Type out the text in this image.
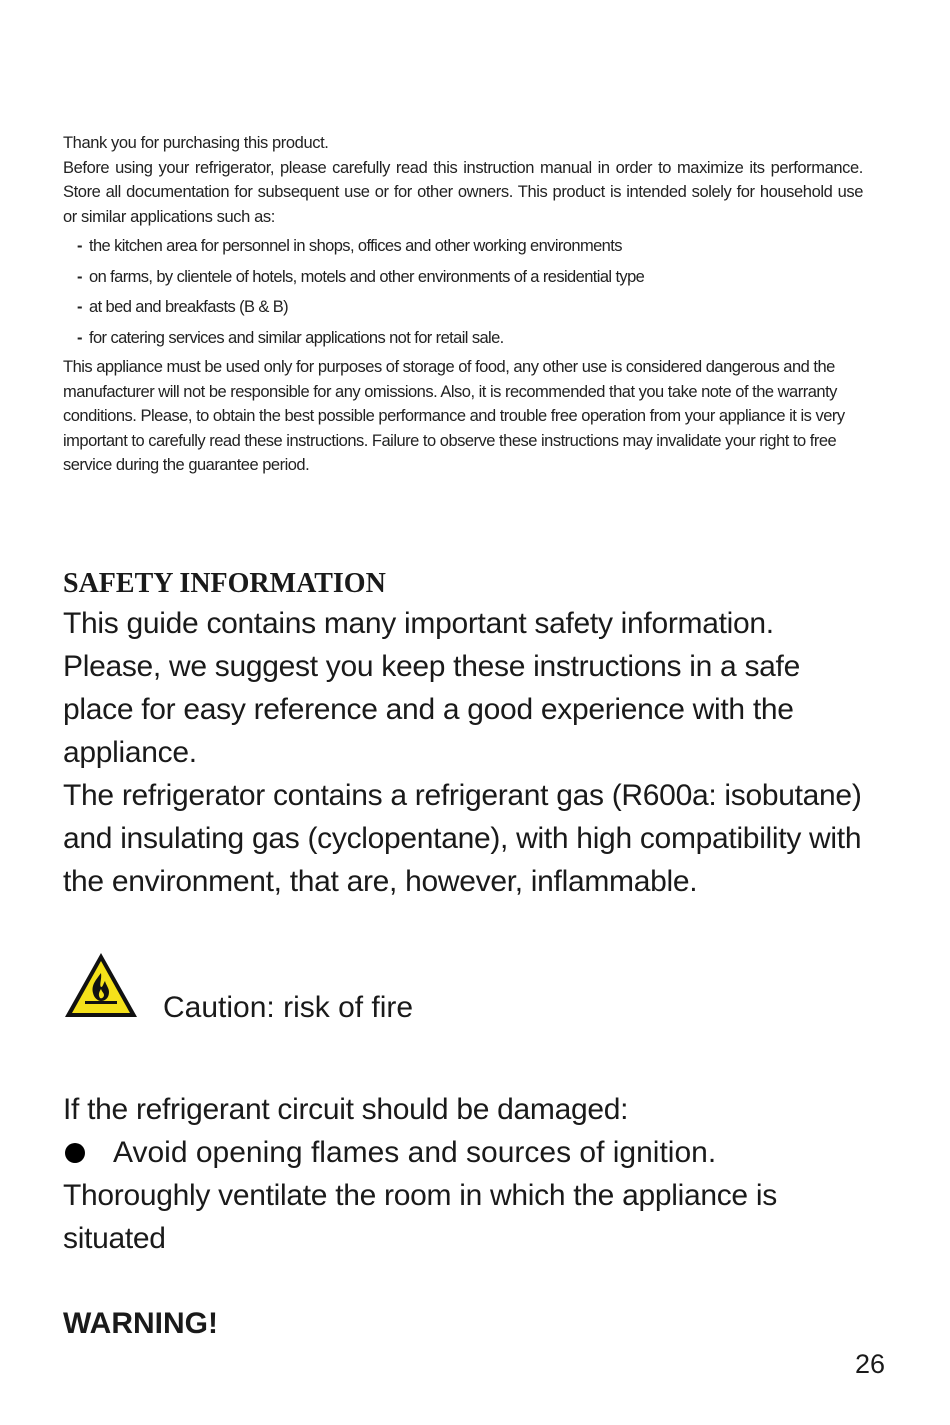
Thank you for purchasing this product.

Before using your refrigerator, please carefully read this instruction manual in order to maximize its performance. Store all documentation for subsequent use or for other owners. This product is intended solely for household use or similar applications such as:

- the kitchen area for personnel in shops, offices and other working environments
- on farms, by clientele of hotels, motels and other environments of a residential type
- at bed and breakfasts (B & B)
- for catering services and similar applications not for retail sale.

This appliance must be used only for purposes of storage of food, any other use is considered dangerous and the manufacturer will not be responsible for any omissions. Also, it is recommended that you take note of the warranty conditions. Please, to obtain the best possible performance and trouble free operation from your appliance it is very important to carefully read these instructions. Failure to observe these instructions may invalidate your right to free service during the guarantee period.

SAFETY INFORMATION

This guide contains many important safety information. Please, we suggest you keep these instructions in a safe place for easy reference and a good experience with the appliance.

The refrigerator contains a refrigerant gas (R600a: isobutane) and insulating gas (cyclopentane), with high compatibility with the environment, that are, however, inflammable.

Caution: risk of fire

If the refrigerant circuit should be damaged:

Avoid opening flames and sources of ignition.

Thoroughly ventilate the room in which the appliance is situated

WARNING!

26
